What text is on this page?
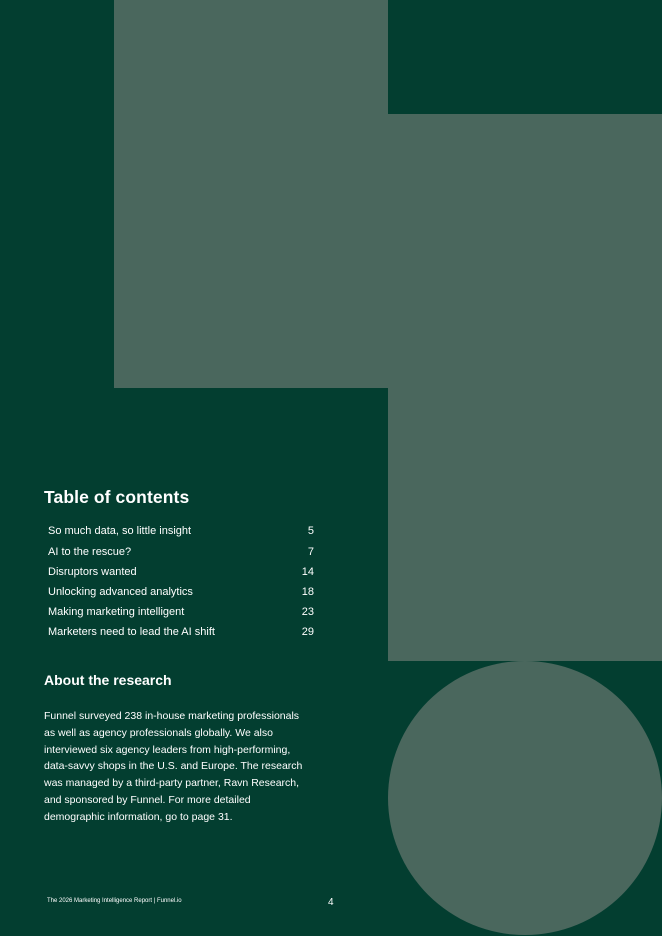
Table of contents
So much data, so little insight	5
AI to the rescue?	7
Disruptors wanted	14
Unlocking advanced analytics	18
Making marketing intelligent	23
Marketers need to lead the AI shift	29
About the research

Funnel surveyed 238 in-house marketing professionals as well as agency professionals globally. We also interviewed six agency leaders from high-performing, data-savvy shops in the U.S. and Europe. The research was managed by a third-party partner, Ravn Research, and sponsored by Funnel. For more detailed demographic information, go to page 31.

The 2026 Marketing Intelligence Report | Funnel.io	4
